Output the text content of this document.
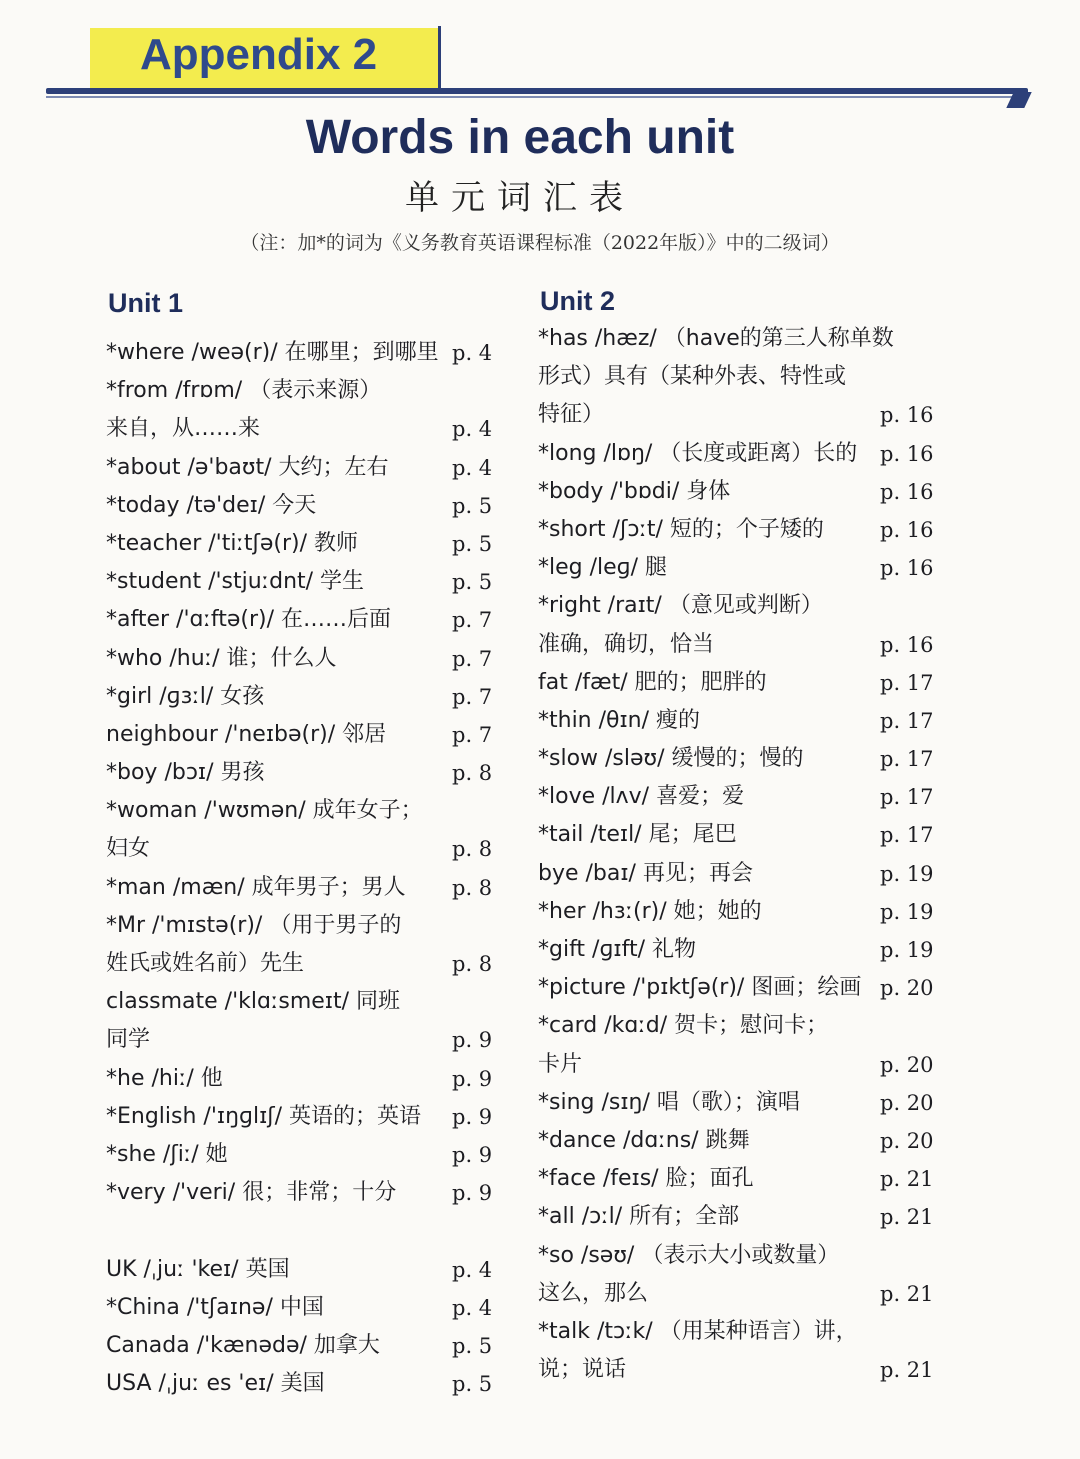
Appendix 2
Words in each unit
单元词汇表
（注：加*的词为《义务教育英语课程标准（2022年版）》中的二级词）
Unit 1	Unit 2
*where /weə(r)/ 在哪里；到哪里 p. 4
*from /frɒm/ （表示来源）
来自，从……来	p. 4
*about /ə'baʊt/ 大约；左右	p. 4
*today /tə'deɪ/ 今天	p. 5
*teacher /'tiːtʃə(r)/ 教师	p. 5
*student /'stjuːdnt/ 学生	p. 5
*after /'ɑːftə(r)/ 在……后面	p. 7
*who /huː/ 谁；什么人	p. 7
*girl /ɡɜːl/ 女孩	p. 7
neighbour /'neɪbə(r)/ 邻居	p. 7
*boy /bɔɪ/ 男孩	p. 8
*woman /'wʊmən/ 成年女子；
妇女	p. 8
*man /mæn/ 成年男子；男人 p. 8
*Mr /'mɪstə(r)/ （用于男子的
姓氏或姓名前）先生	p. 8
classmate /'klɑːsmeɪt/ 同班
同学	p. 9
*he /hiː/ 他	p. 9
*English /'ɪŋɡlɪʃ/ 英语的；英语 p. 9
*she /ʃiː/ 她	p. 9
*very /'veri/ 很；非常；十分	p. 9
UK /ˌjuː 'keɪ/ 英国	p. 4
*China /'tʃaɪnə/ 中国	p. 4
Canada /'kænədə/ 加拿大	p. 5
USA /ˌjuː es 'eɪ/ 美国	p. 5
*has /hæz/ （have的第三人称单数
形式）具有（某种外表、特性或
特征）	p. 16
*long /lɒŋ/ （长度或距离）长的 p. 16
*body /'bɒdi/ 身体	p. 16
*short /ʃɔːt/ 短的；个子矮的	p. 16
*leg /leɡ/ 腿	p. 16
*right /raɪt/ （意见或判断）
准确，确切，恰当	p. 16
fat /fæt/ 肥的；肥胖的	p. 17
*thin /θɪn/ 瘦的	p. 17
*slow /sləʊ/ 缓慢的；慢的	p. 17
*love /lʌv/ 喜爱；爱	p. 17
*tail /teɪl/ 尾；尾巴	p. 17
bye /baɪ/ 再见；再会	p. 19
*her /hɜː(r)/ 她；她的	p. 19
*gift /ɡɪft/ 礼物	p. 19
*picture /'pɪktʃə(r)/ 图画；绘画 p. 20
*card /kɑːd/ 贺卡；慰问卡；
卡片	p. 20
*sing /sɪŋ/ 唱（歌）；演唱	p. 20
*dance /dɑːns/ 跳舞	p. 20
*face /feɪs/ 脸；面孔	p. 21
*all /ɔːl/ 所有；全部	p. 21
*so /səʊ/ （表示大小或数量）
这么，那么	p. 21
*talk /tɔːk/ （用某种语言）讲，
说；说话	p. 21
